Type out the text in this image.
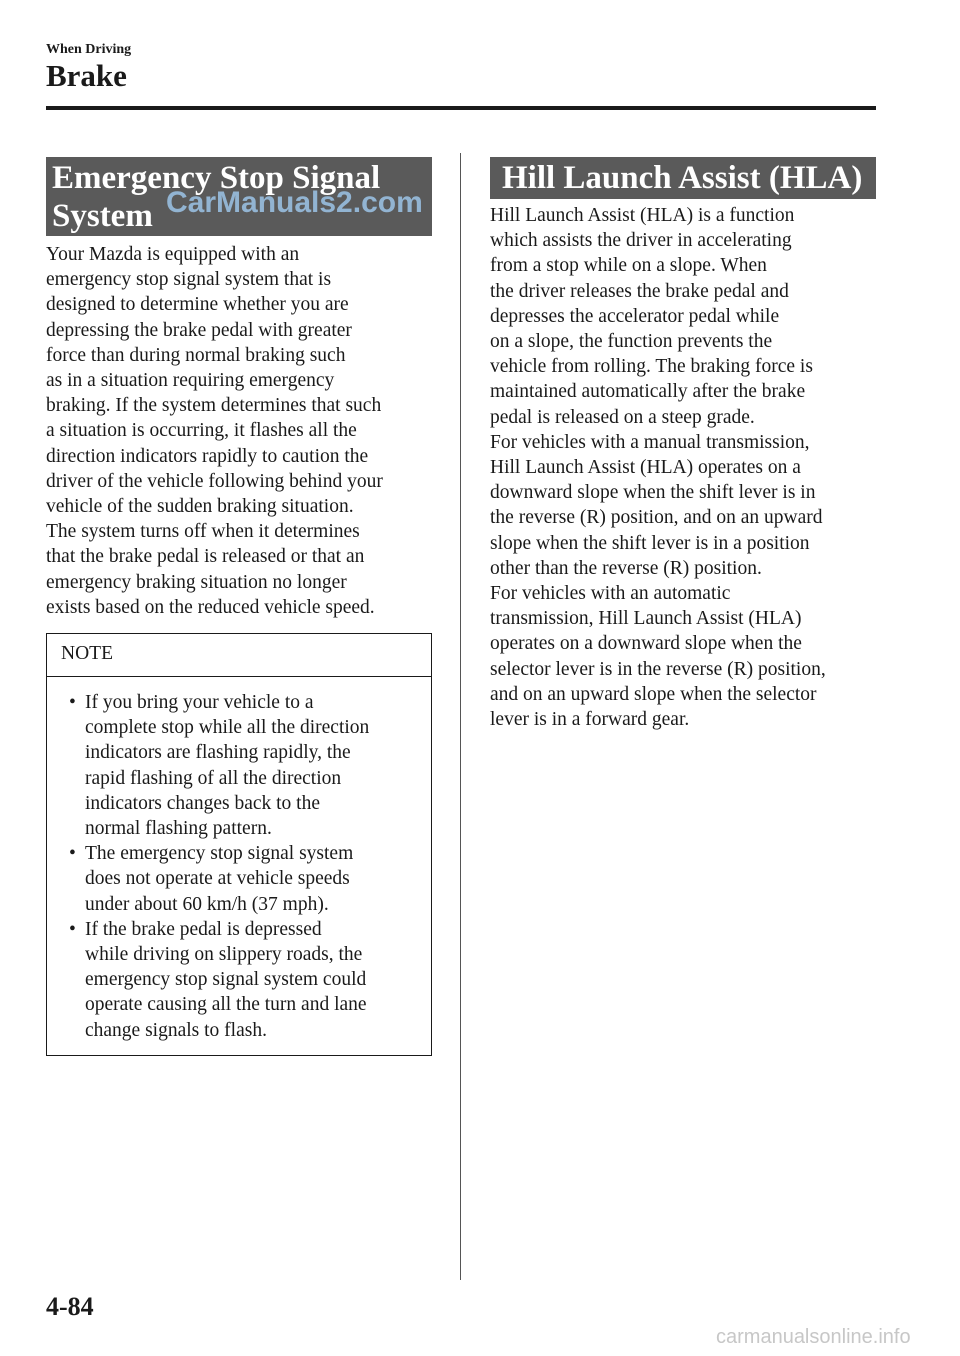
When Driving
Brake
Emergency Stop Signal
System CarManuals2.com
Your Mazda is equipped with an
emergency stop signal system that is
designed to determine whether you are
depressing the brake pedal with greater
force than during normal braking such
as in a situation requiring emergency
braking. If the system determines that such
a situation is occurring, it flashes all the
direction indicators rapidly to caution the
driver of the vehicle following behind your
vehicle of the sudden braking situation.
The system turns off when it determines
that the brake pedal is released or that an
emergency braking situation no longer
exists based on the reduced vehicle speed.
NOTE
• If you bring your vehicle to a
complete stop while all the direction
indicators are flashing rapidly, the
rapid flashing of all the direction
indicators changes back to the
normal flashing pattern.
• The emergency stop signal system
does not operate at vehicle speeds
under about 60 km/h (37 mph).
• If the brake pedal is depressed
while driving on slippery roads, the
emergency stop signal system could
operate causing all the turn and lane
change signals to flash.
Hill Launch Assist (HLA)
Hill Launch Assist (HLA) is a function
which assists the driver in accelerating
from a stop while on a slope. When
the driver releases the brake pedal and
depresses the accelerator pedal while
on a slope, the function prevents the
vehicle from rolling. The braking force is
maintained automatically after the brake
pedal is released on a steep grade.
For vehicles with a manual transmission,
Hill Launch Assist (HLA) operates on a
downward slope when the shift lever is in
the reverse (R) position, and on an upward
slope when the shift lever is in a position
other than the reverse (R) position.
For vehicles with an automatic
transmission, Hill Launch Assist (HLA)
operates on a downward slope when the
selector lever is in the reverse (R) position,
and on an upward slope when the selector
lever is in a forward gear.
4-84
carmanualsonline.info
